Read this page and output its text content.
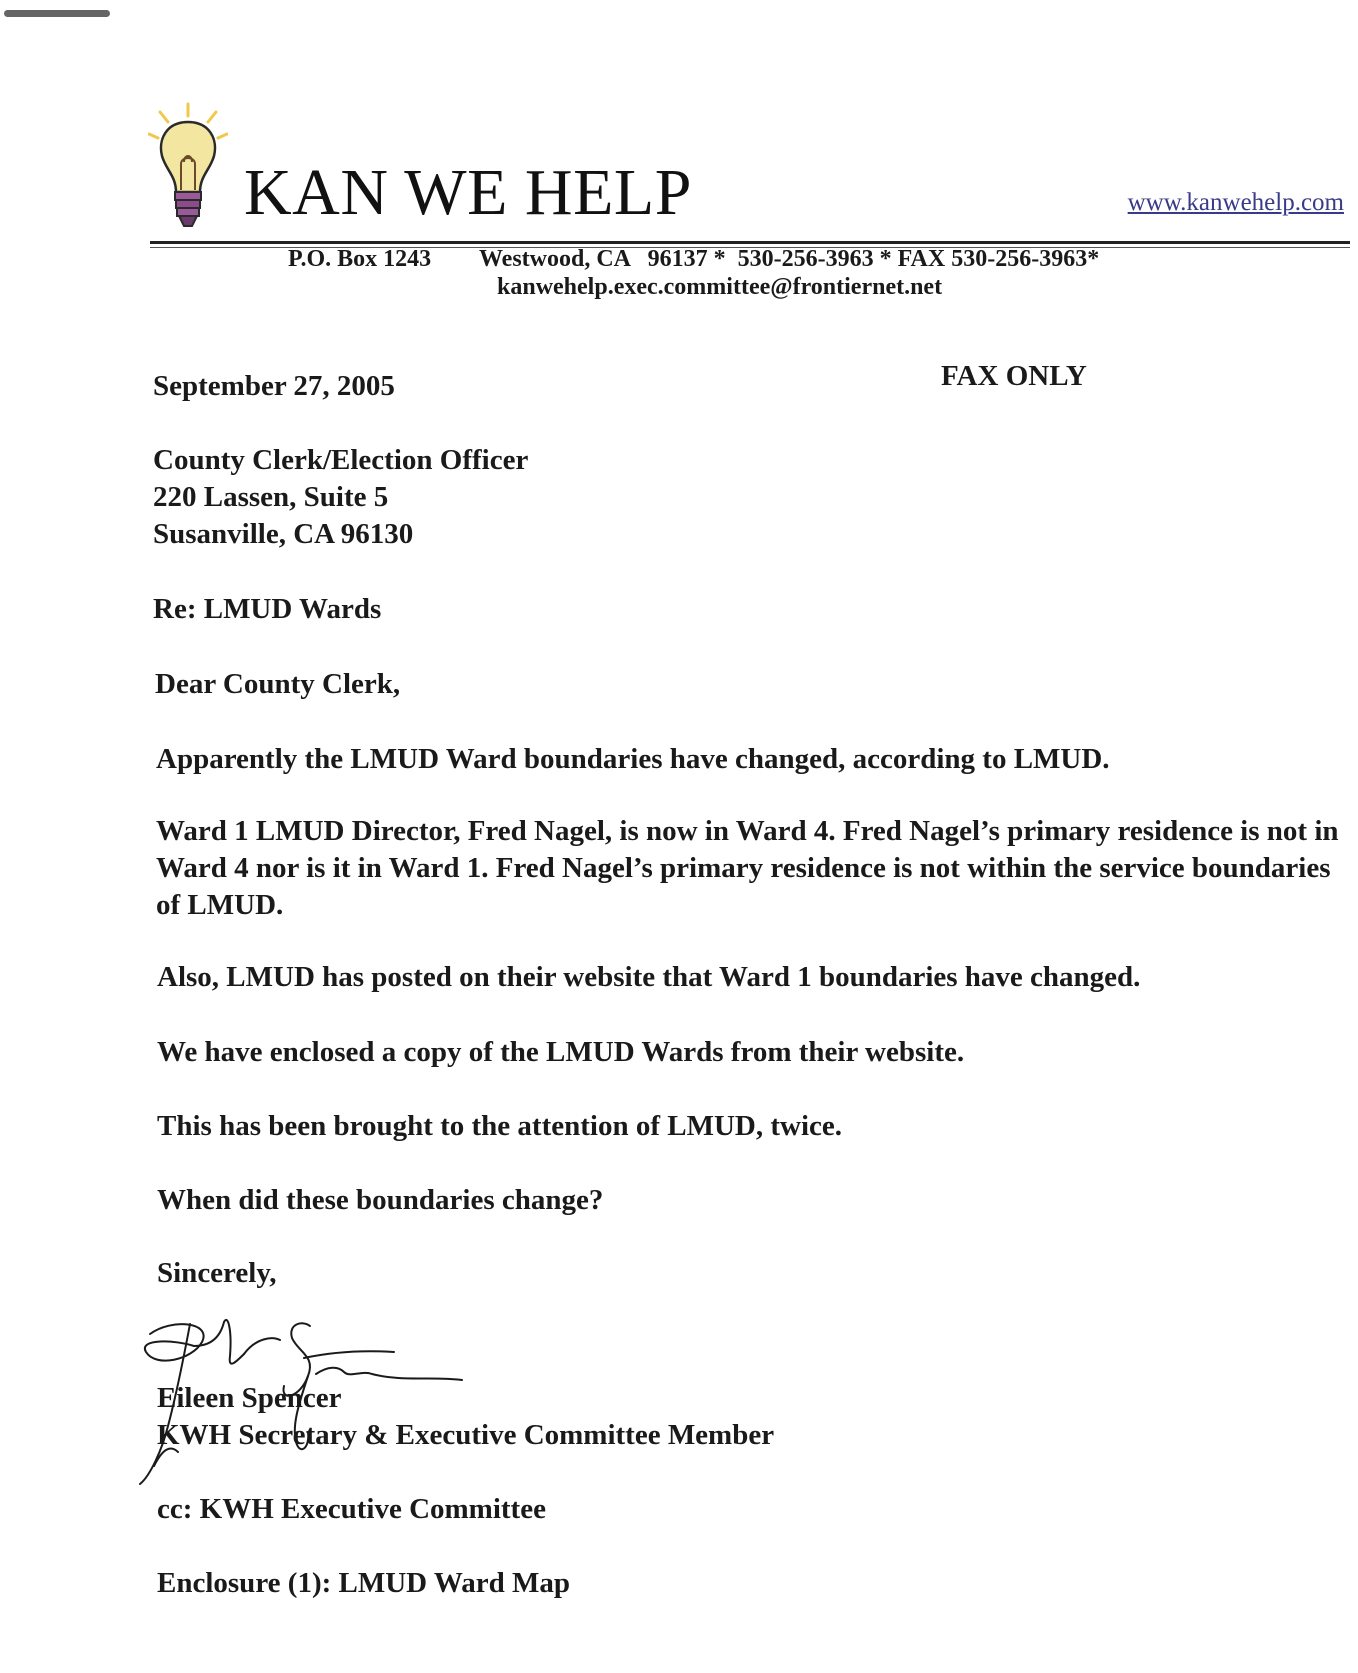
KAN WE HELP	www.kanwehelp.com

P.O. Box 1243

Westwood, CA   96137 *  530-256-3963 * FAX 530-256-3963*

kanwehelp.exec.committee@frontiernet.net
September 27, 2005	FAX ONLY
County Clerk/Election Officer
220 Lassen, Suite 5
Susanville, CA 96130
Re: LMUD Wards
Dear County Clerk,
Apparently the LMUD Ward boundaries have changed, according to LMUD.
Ward 1 LMUD Director, Fred Nagel, is now in Ward 4. Fred Nagel’s primary residence is not in Ward 4 nor is it in Ward 1. Fred Nagel’s primary residence is not within the service boundaries of LMUD.
Also, LMUD has posted on their website that Ward 1 boundaries have changed.
We have enclosed a copy of the LMUD Wards from their website.
This has been brought to the attention of LMUD, twice.
When did these boundaries change?
Sincerely,
Eileen Spencer
KWH Secretary & Executive Committee Member
cc: KWH Executive Committee
Enclosure (1): LMUD Ward Map
